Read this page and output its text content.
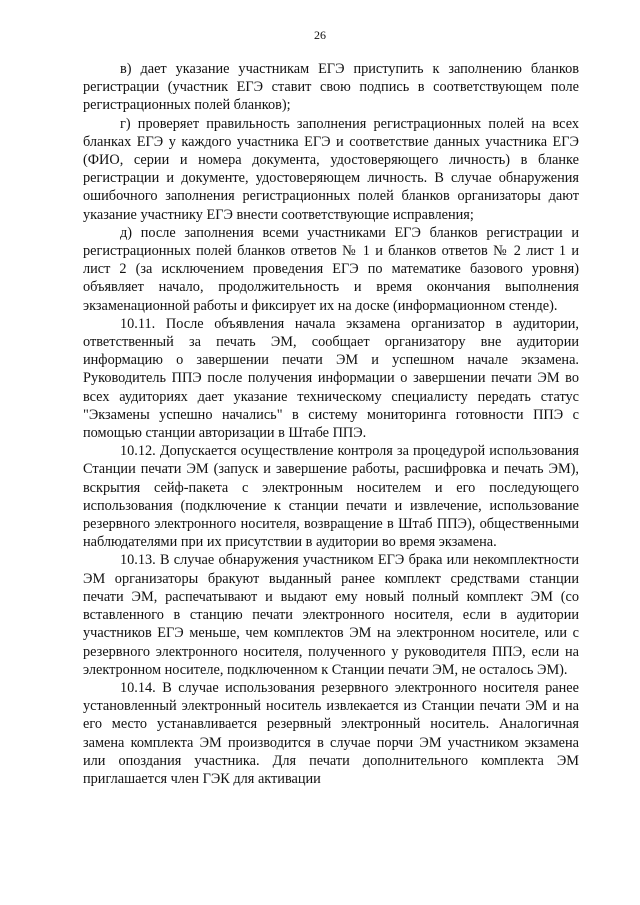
26

в) дает указание участникам ЕГЭ приступить к заполнению бланков регистрации (участник ЕГЭ ставит свою подпись в соответствующем поле регистрационных полей бланков);

г) проверяет правильность заполнения регистрационных полей на всех бланках ЕГЭ у каждого участника ЕГЭ и соответствие данных участника ЕГЭ (ФИО, серии и номера документа, удостоверяющего личность) в бланке регистрации и документе, удостоверяющем личность. В случае обнаружения ошибочного заполнения регистрационных полей бланков организаторы дают указание участнику ЕГЭ внести соответствующие исправления;

д) после заполнения всеми участниками ЕГЭ бланков регистрации и регистрационных полей бланков ответов № 1 и бланков ответов № 2 лист 1 и лист 2 (за исключением проведения ЕГЭ по математике базового уровня) объявляет начало, продолжительность и время окончания выполнения экзаменационной работы и фиксирует их на доске (информационном стенде).

10.11. После объявления начала экзамена организатор в аудитории, ответственный за печать ЭМ, сообщает организатору вне аудитории информацию о завершении печати ЭМ и успешном начале экзамена. Руководитель ППЭ после получения информации о завершении печати ЭМ во всех аудиториях дает указание техническому специалисту передать статус "Экзамены успешно начались" в систему мониторинга готовности ППЭ с помощью станции авторизации в Штабе ППЭ.

10.12. Допускается осуществление контроля за процедурой использования Станции печати ЭМ (запуск и завершение работы, расшифровка и печать ЭМ), вскрытия сейф-пакета с электронным носителем и его последующего использования (подключение к станции печати и извлечение, использование резервного электронного носителя, возвращение в Штаб ППЭ), общественными наблюдателями при их присутствии в аудитории во время экзамена.

10.13. В случае обнаружения участником ЕГЭ брака или некомплектности ЭМ организаторы бракуют выданный ранее комплект средствами станции печати ЭМ, распечатывают и выдают ему новый полный комплект ЭМ (со вставленного в станцию печати электронного носителя, если в аудитории участников ЕГЭ меньше, чем комплектов ЭМ на электронном носителе, или с резервного электронного носителя, полученного у руководителя ППЭ, если на электронном носителе, подключенном к Станции печати ЭМ, не осталось ЭМ).

10.14. В случае использования резервного электронного носителя ранее установленный электронный носитель извлекается из Станции печати ЭМ и на его место устанавливается резервный электронный носитель. Аналогичная замена комплекта ЭМ производится в случае порчи ЭМ участником экзамена или опоздания участника. Для печати дополнительного комплекта ЭМ приглашается член ГЭК для активации
